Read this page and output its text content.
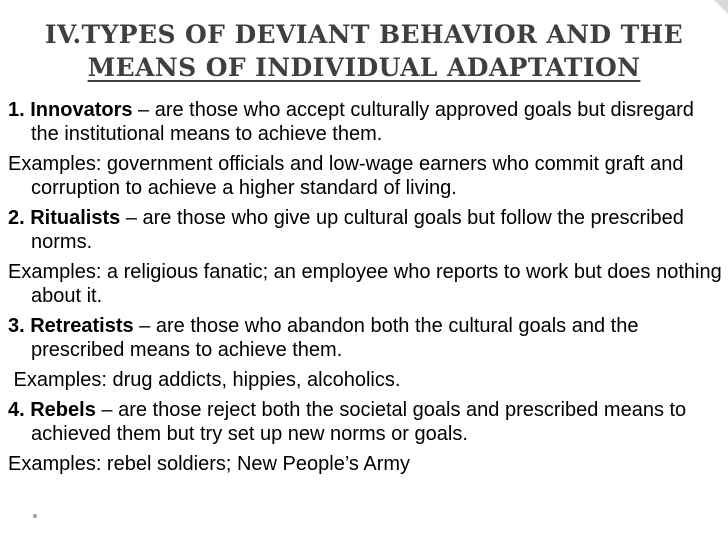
IV.TYPES OF DEVIANT BEHAVIOR AND THE
MEANS OF INDIVIDUAL ADAPTATION

1. Innovators – are those who accept culturally approved goals but disregard the institutional means to achieve them.

Examples: government officials and low-wage earners who commit graft and corruption to achieve a higher standard of living.

2. Ritualists – are those who give up cultural goals but follow the prescribed norms.

Examples: a religious fanatic; an employee who reports to work but does nothing about it.

3. Retreatists – are those who abandon both the cultural goals and the prescribed means to achieve them.

Examples: drug addicts, hippies, alcoholics.

4. Rebels – are those reject both the societal goals and prescribed means to achieved them but try set up new norms or goals.

Examples: rebel soldiers; New People’s Army
